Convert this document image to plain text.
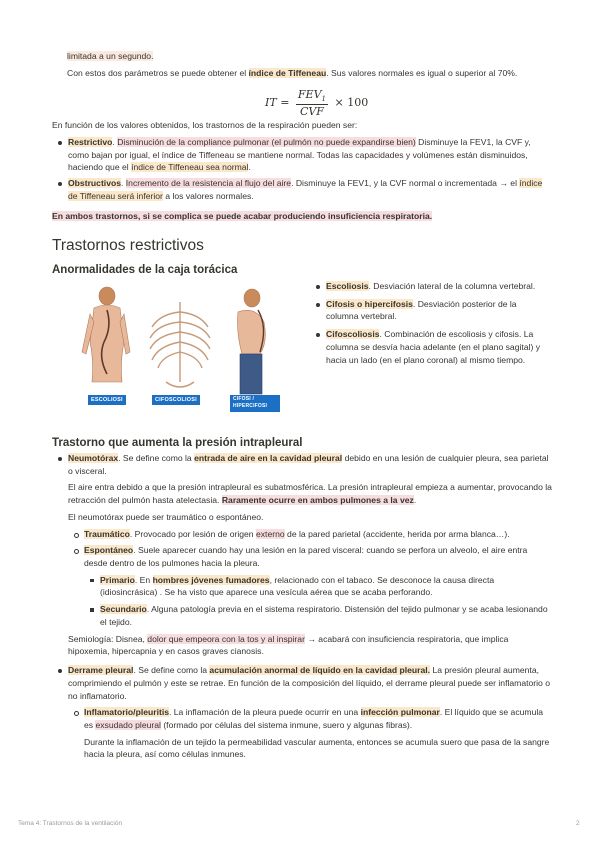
limitada a un segundo.

Con estos dos parámetros se puede obtener el índice de Tiffeneau. Sus valores normales es igual o superior al 70%.

IT = $\frac{FEV_1}{\text{CVF}} \times 100$

En función de los valores obtenidos, los trastornos de la respiración pueden ser:

Restrictivo. Disminución de la compliance pulmonar (el pulmón no puede expandirse bien) Disminuye la FEV1, la CVF y, como bajan por igual, el índice de Tiffeneau se mantiene normal. Todas las capacidades y volúmenes están disminuidos, haciendo que el índice de Tiffeneau sea normal.
Obstructivos. Incremento de la resistencia al flujo del aire. Disminuye la FEV1, y la CVF normal o incrementada → el índice de Tiffeneau será inferior a los valores normales.

En ambos trastornos, si se complica se puede acabar produciendo insuficiencia respiratoria.

Trastornos restrictivos
Anormalidades de la caja torácica
ESCOLIOSI	CIFOSCOLIOSI	CIFOSI / HIPERCIFOSI
Escoliosis. Desviación lateral de la columna vertebral.
Cifosis o hipercifosis. Desviación posterior de la columna vertebral.
Cifoscoliosis. Combinación de escoliosis y cifosis. La columna se desvía hacia adelante (en el plano sagital) y hacia un lado (en el plano coronal) al mismo tiempo.
Trastorno que aumenta la presión intrapleural

Neumotórax. Se define como la entrada de aire en la cavidad pleural debido en una lesión de cualquier pleura, sea parietal o visceral.

El aire entra debido a que la presión intrapleural es subatmosférica. La presión intrapleural empieza a aumentar, provocando la retracción del pulmón hasta atelectasia. Raramente ocurre en ambos pulmones a la vez.

El neumotórax puede ser traumático o espontáneo.

Traumático. Provocado por lesión de origen externo de la pared parietal (accidente, herida por arma blanca…).
Espontáneo. Suele aparecer cuando hay una lesión en la pared visceral: cuando se perfora un alveolo, el aire entra desde dentro de los pulmones hacia la pleura.
Primario. En hombres jóvenes fumadores, relacionado con el tabaco. Se desconoce la causa directa (idiosincrásica) . Se ha visto que aparece una vesícula aérea que se acaba perforando.
Secundario. Alguna patología previa en el sistema respiratorio. Distensión del tejido pulmonar y se acaba lesionando el tejido.

Semiología: Disnea, dolor que empeora con la tos y al inspirar → acabará con insuficiencia respiratoria, que implica hipoxemia, hipercapnia y en casos graves cianosis.

Derrame pleural. Se define como la acumulación anormal de líquido en la cavidad pleural. La presión pleural aumenta, comprimiendo el pulmón y este se retrae. En función de la composición del líquido, el derrame pleural puede ser inflamatorio o no inflamatorio.

Inflamatorio/pleuritis. La inflamación de la pleura puede ocurrir en una infección pulmonar. El líquido que se acumula es exsudado pleural (formado por células del sistema inmune, suero y algunas fibras).

Durante la inflamación de un tejido la permeabilidad vascular aumenta, entonces se acumula suero que pasa de la sangre hacia la pleura, así como células inmunes.

Tema 4: Trastornos de la ventilación	2
